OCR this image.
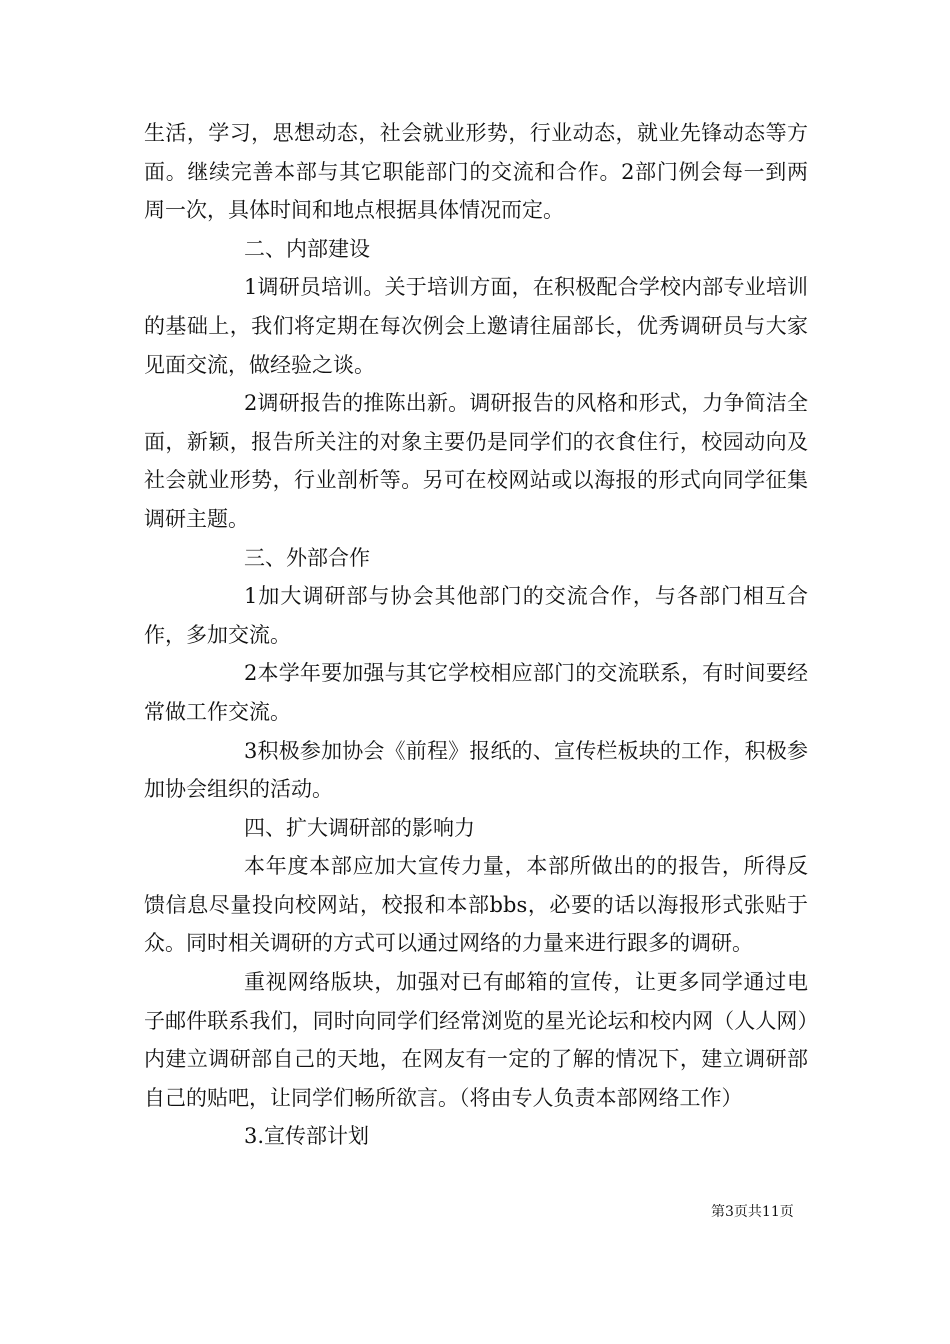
生活，学习，思想动态，社会就业形势，行业动态，就业先锋动态等方面。继续完善本部与其它职能部门的交流和合作。2部门例会每一到两周一次，具体时间和地点根据具体情况而定。

二、内部建设

1调研员培训。关于培训方面，在积极配合学校内部专业培训的基础上，我们将定期在每次例会上邀请往届部长，优秀调研员与大家见面交流，做经验之谈。

2调研报告的推陈出新。调研报告的风格和形式，力争简洁全面，新颖，报告所关注的对象主要仍是同学们的衣食住行，校园动向及社会就业形势，行业剖析等。另可在校网站或以海报的形式向同学征集调研主题。

三、外部合作

1加大调研部与协会其他部门的交流合作，与各部门相互合作，多加交流。

2本学年要加强与其它学校相应部门的交流联系，有时间要经常做工作交流。

3积极参加协会《前程》报纸的、宣传栏板块的工作，积极参加协会组织的活动。

四、扩大调研部的影响力

本年度本部应加大宣传力量，本部所做出的的报告，所得反馈信息尽量投向校网站，校报和本部bbs，必要的话以海报形式张贴于众。同时相关调研的方式可以通过网络的力量来进行跟多的调研。

重视网络版块，加强对已有邮箱的宣传，让更多同学通过电子邮件联系我们，同时向同学们经常浏览的星光论坛和校内网（人人网）内建立调研部自己的天地，在网友有一定的了解的情况下，建立调研部自己的贴吧，让同学们畅所欲言。（将由专人负责本部网络工作）

3.宣传部计划

第3页共11页
